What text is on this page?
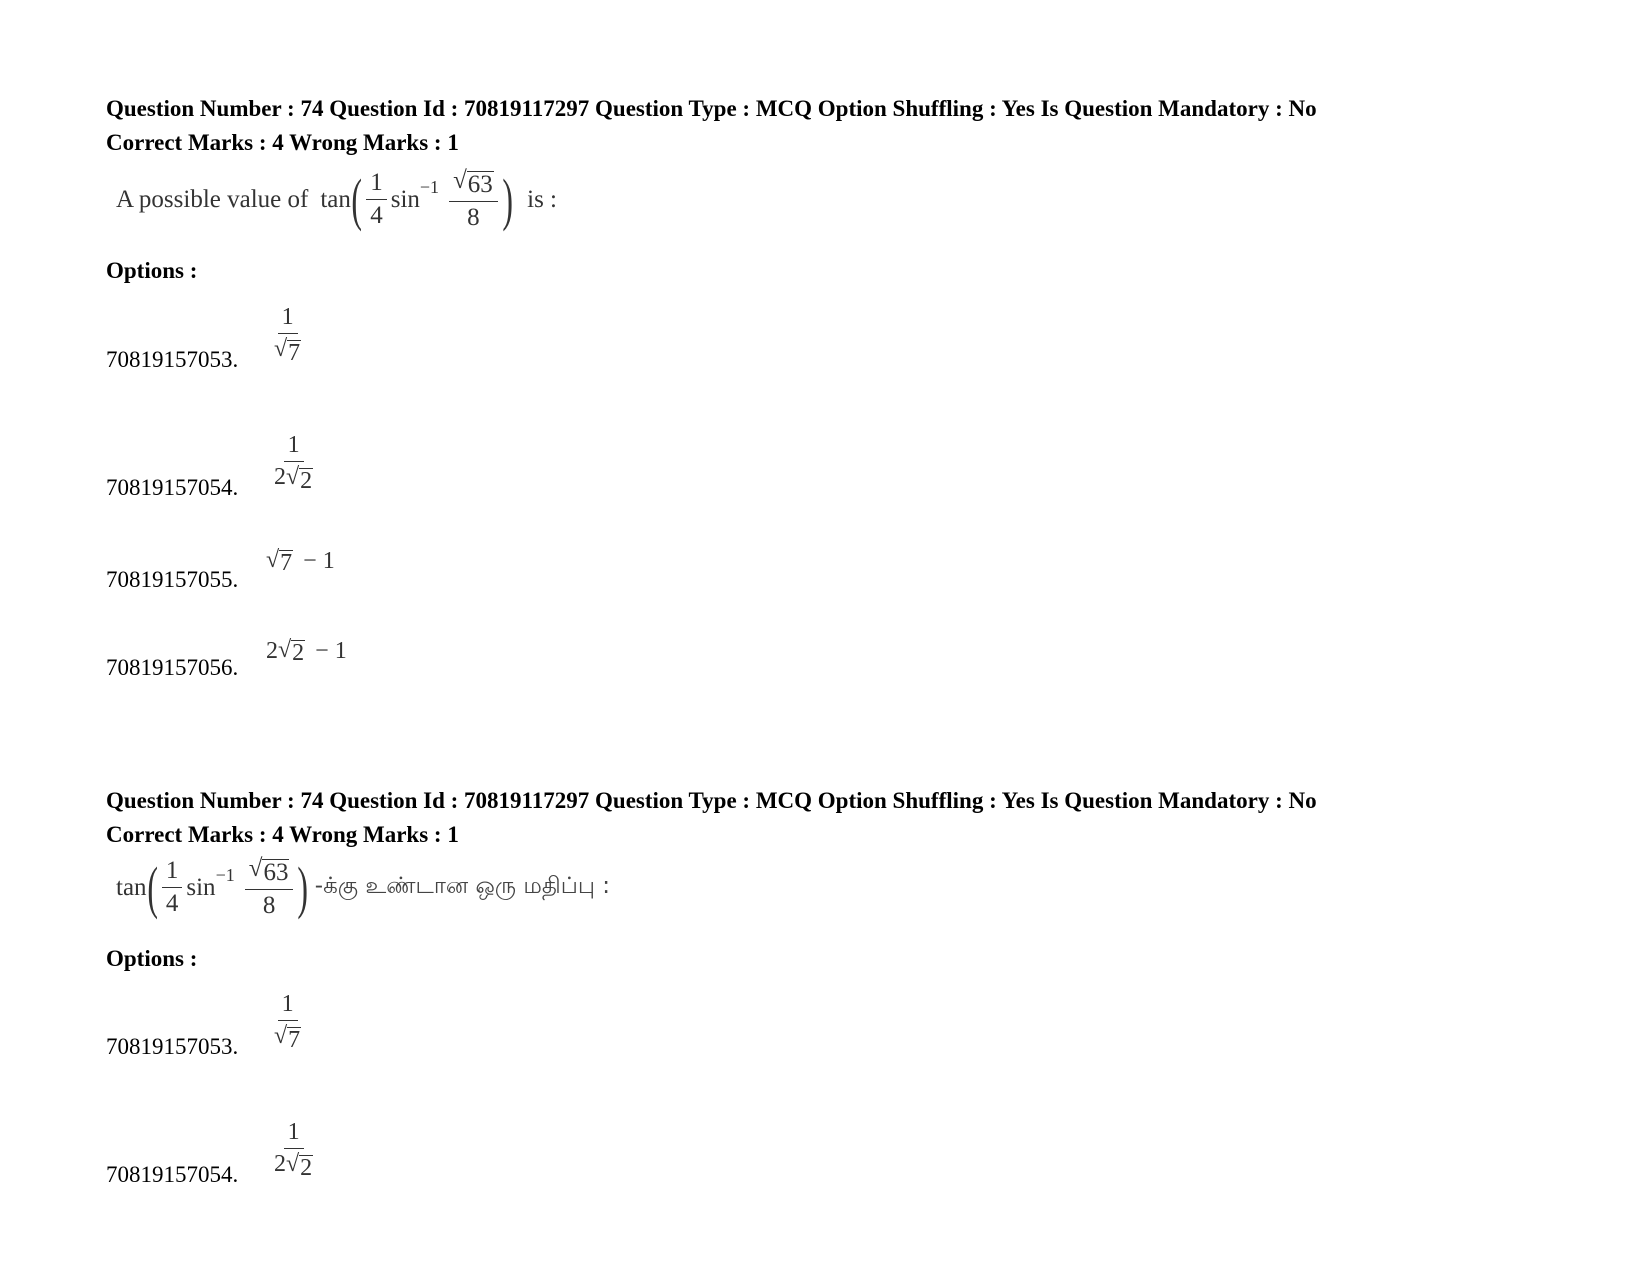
Question Number : 74 Question Id : 70819117297 Question Type : MCQ Option Shuffling : Yes Is Question Mandatory : No
Correct Marks : 4 Wrong Marks : 1
A possible value of tan ( $\frac{1}{4}$ $\sin -1 \frac{√ 63}{8}$ ) is :
Options :
70819157053. $\frac{1}{√ 7}$
70819157054. $\frac{1}{2 √ 2}$
70819157055.
√ 7 − 1
70819157056.
2 √ 2 − 1
Question Number : 74 Question Id : 70819117297 Question Type : MCQ Option Shuffling : Yes Is Question Mandatory : No
Correct Marks : 4 Wrong Marks : 1
tan ( $\frac{1}{4}$ $\sin -1 \frac{√ 63}{8}$ ) -க்கு உண்டான ஒரு மதிப்பு :
Options :
70819157053. $\frac{1}{√ 7}$
70819157054. $\frac{1}{2 √ 2}$
